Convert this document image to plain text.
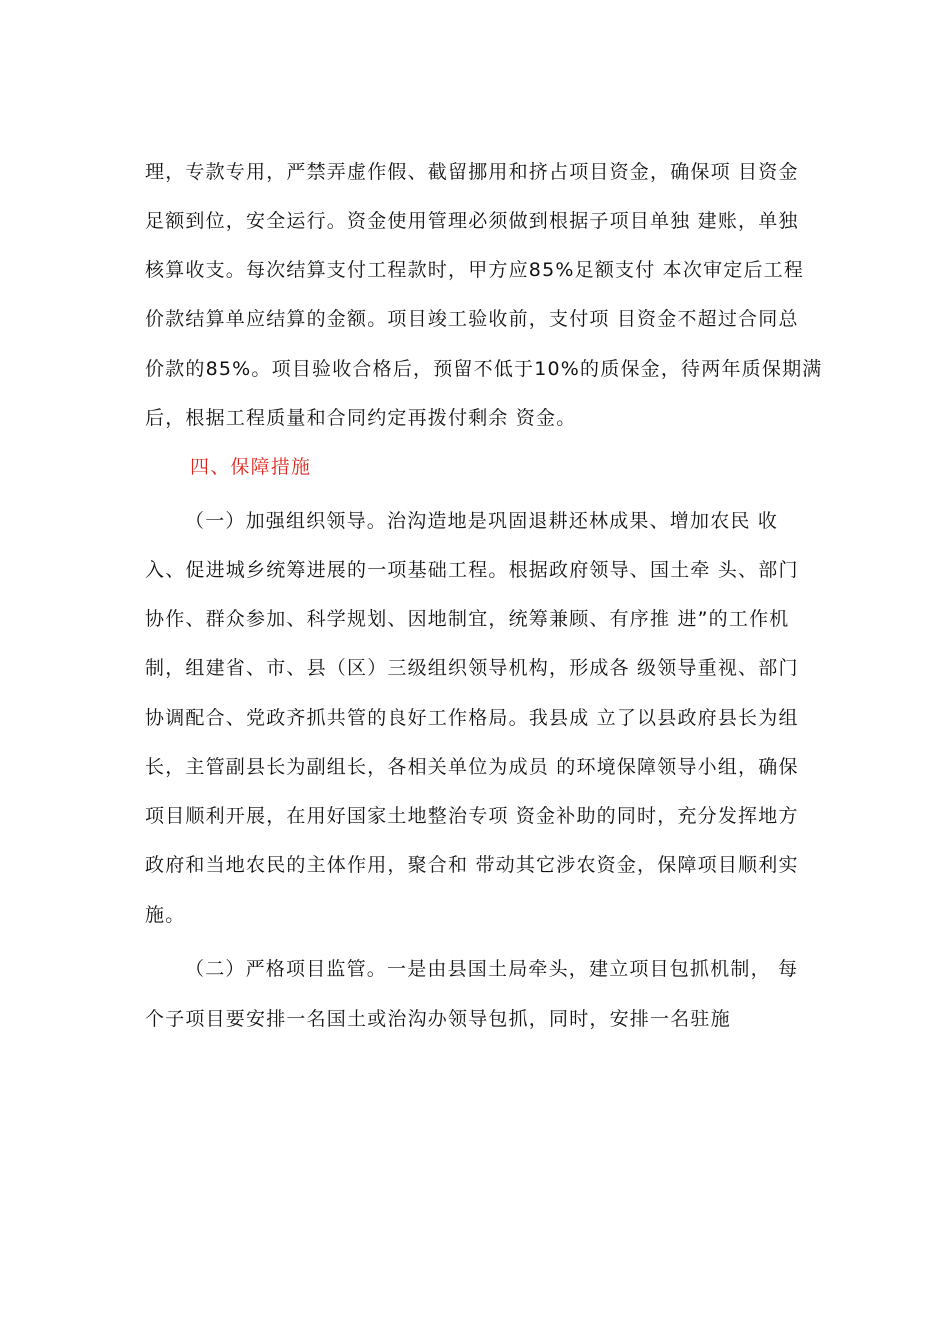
理，专款专用，严禁弄虚作假、截留挪用和挤占项目资金，确保项 目资金
足额到位，安全运行。资金使用管理必须做到根据子项目单独 建账，单独
核算收支。每次结算支付工程款时，甲方应85%足额支付 本次审定后工程
价款结算单应结算的金额。项目竣工验收前，支付项 目资金不超过合同总
价款的85%。项目验收合格后，预留不低于10%的质保金，待两年质保期满
后，根据工程质量和合同约定再拨付剩余 资金。
四、保障措施
（一）加强组织领导。治沟造地是巩固退耕还林成果、增加农民 收
入、促进城乡统筹进展的一项基础工程。根据政府领导、国土牵 头、部门
协作、群众参加、科学规划、因地制宜，统筹兼顾、有序推 进”的工作机
制，组建省、市、县（区）三级组织领导机构，形成各 级领导重视、部门
协调配合、党政齐抓共管的良好工作格局。我县成 立了以县政府县长为组
长，主管副县长为副组长，各相关单位为成员 的环境保障领导小组，确保
项目顺利开展，在用好国家土地整治专项 资金补助的同时，充分发挥地方
政府和当地农民的主体作用，聚合和 带动其它涉农资金，保障项目顺利实
施。
（二）严格项目监管。一是由县国土局牵头，建立项目包抓机制， 每
个子项目要安排一名国土或治沟办领导包抓，同时，安排一名驻施
